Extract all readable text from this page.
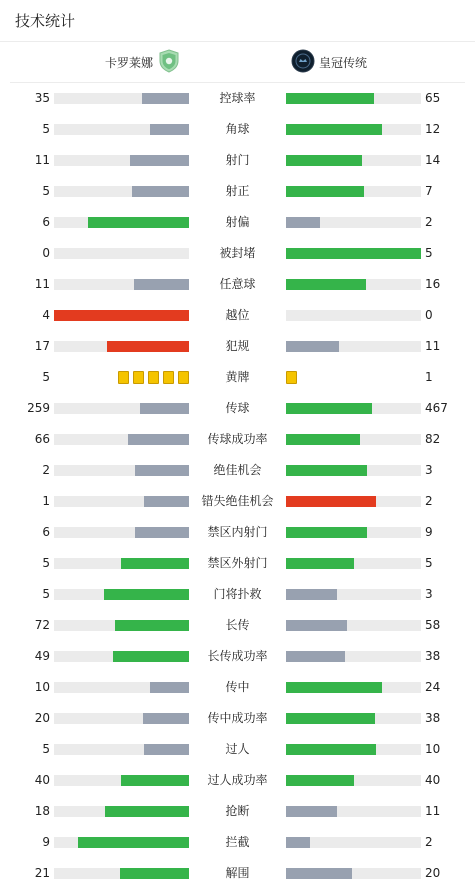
技术统计
卡罗莱娜	皇冠传统
35	控球率	65
5	角球	12
11	射门	14
5	射正	7
6	射偏	2
0	被封堵	5
11	任意球	16
4	越位	0
17	犯规	11
5	黄牌	1
259	传球	467
66	传球成功率	82
2	绝佳机会	3
1	错失绝佳机会	2
6	禁区内射门	9
5	禁区外射门	5
5	门将扑救	3
72	长传	58
49	长传成功率	38
10	传中	24
20	传中成功率	38
5	过人	10
40	过人成功率	40
18	抢断	11
9	拦截	2
21	解围	20
